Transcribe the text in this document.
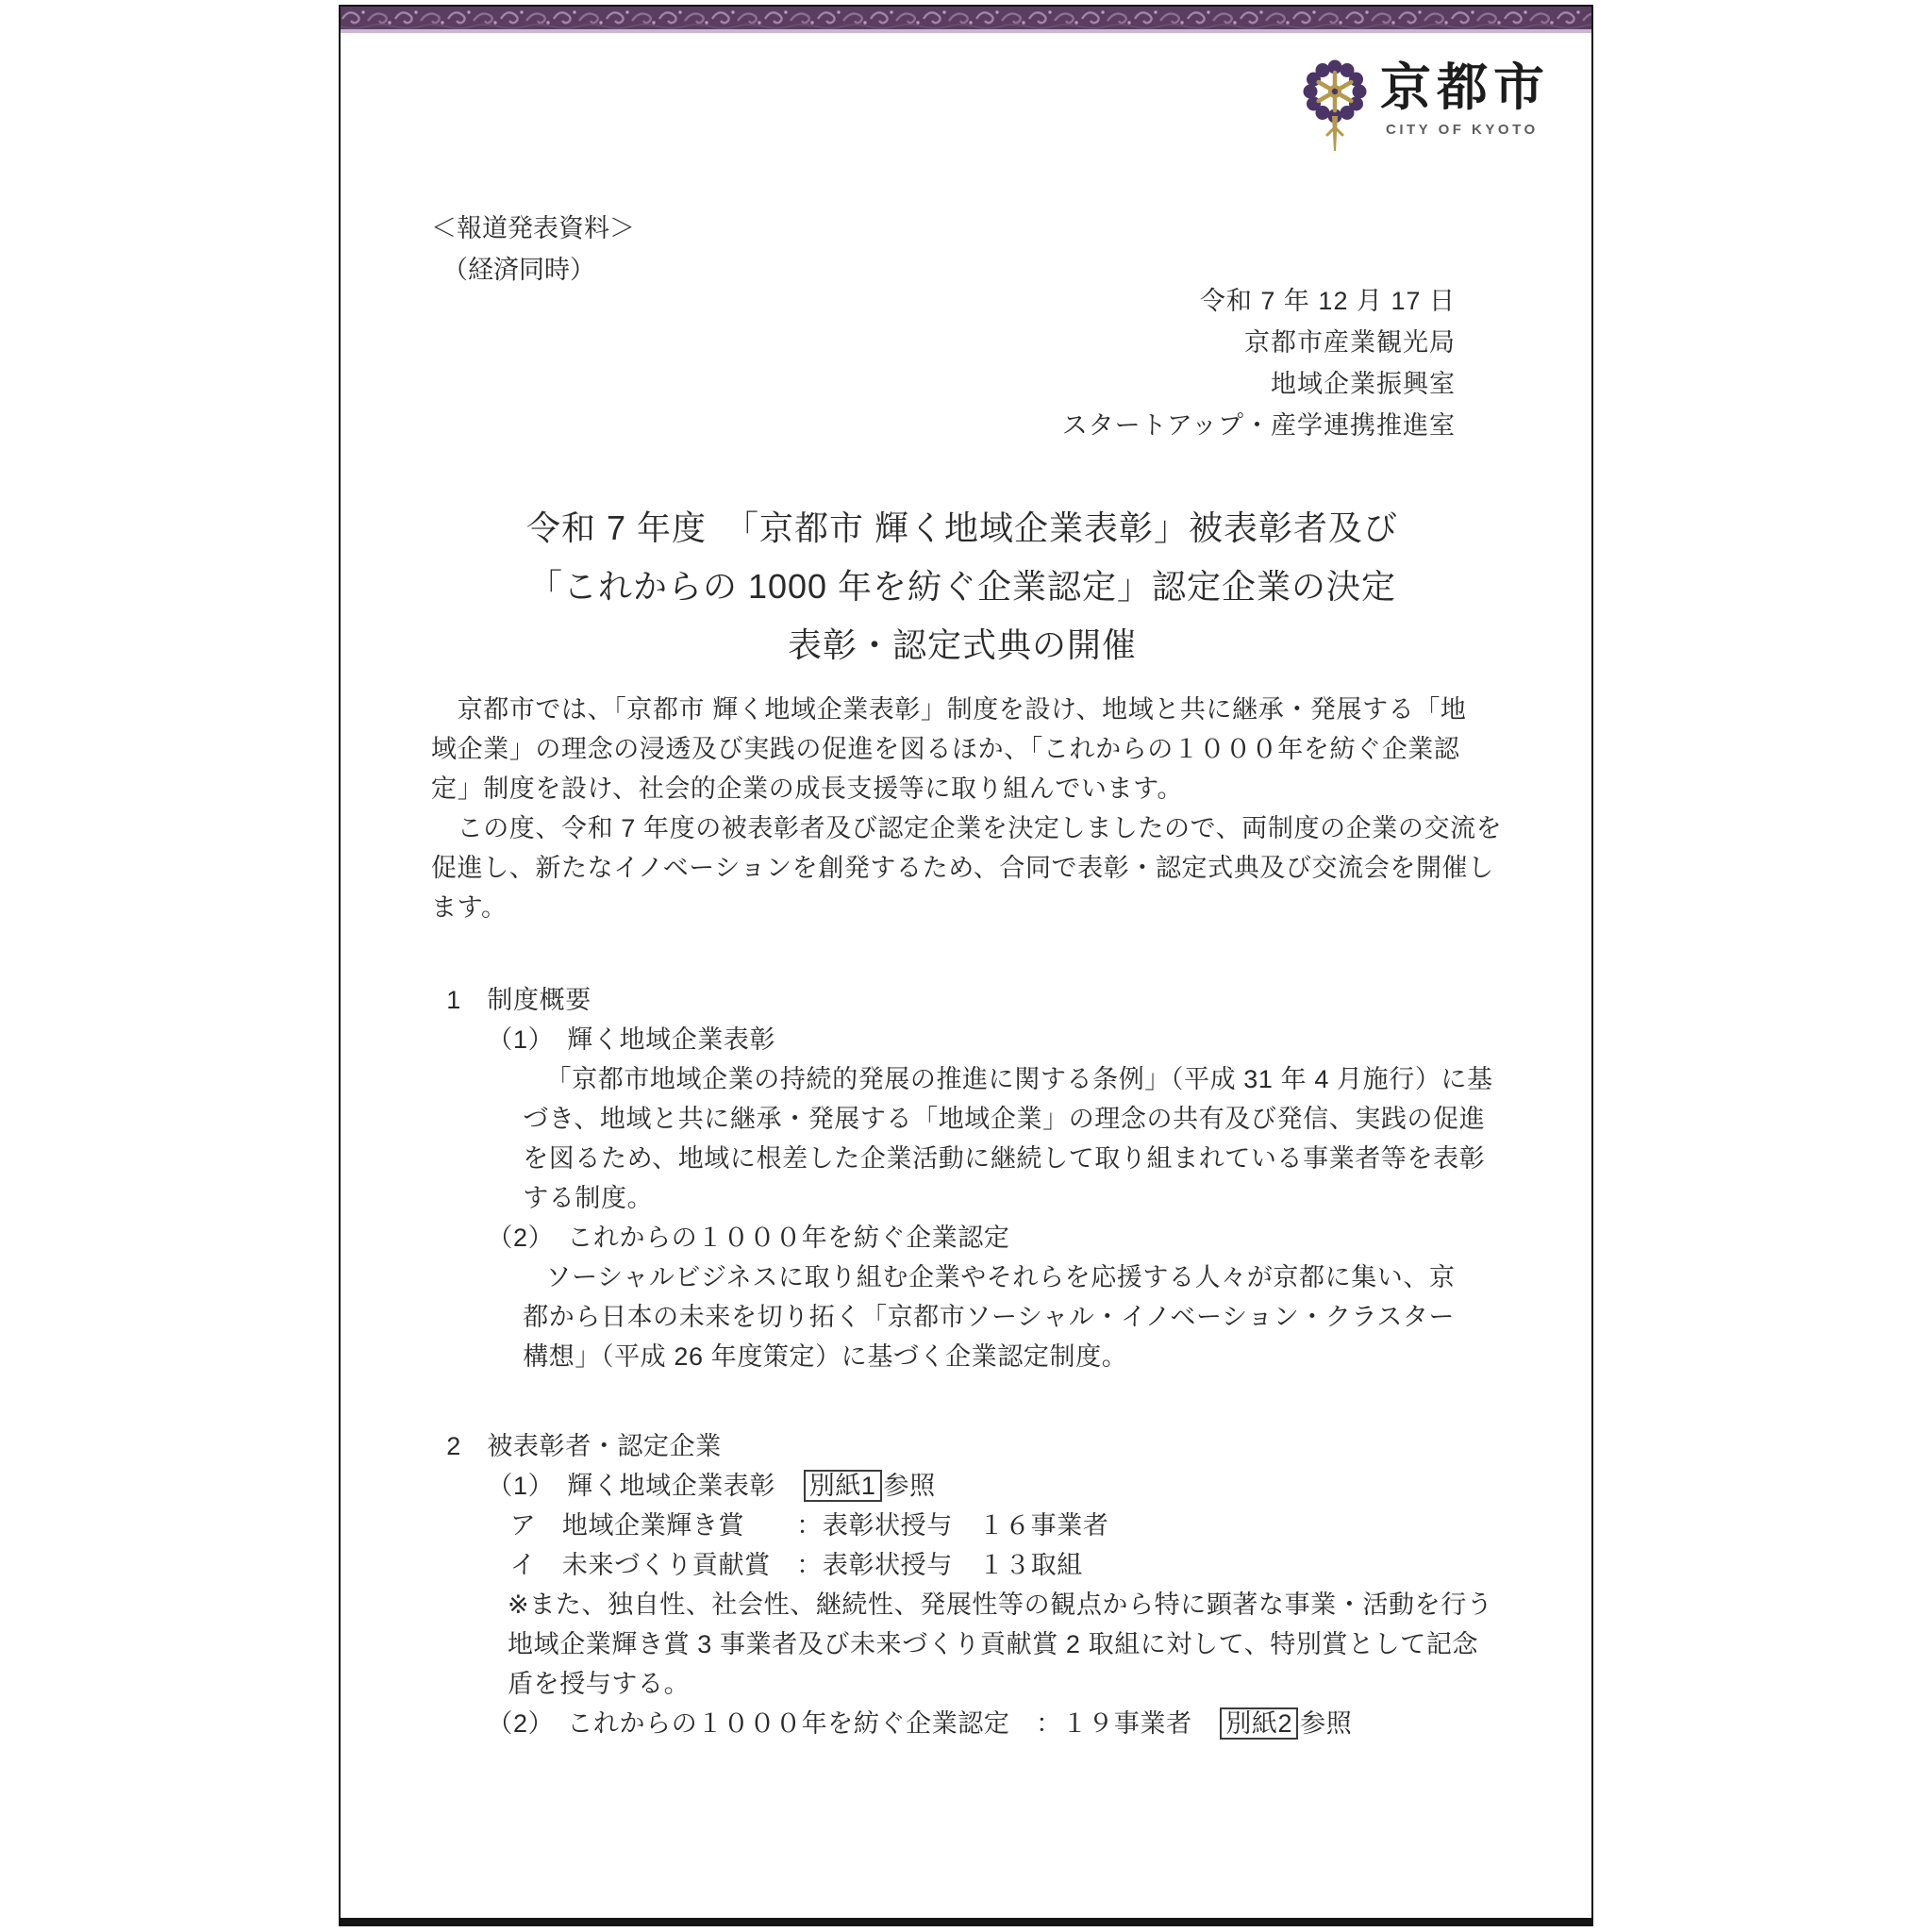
京都市
CITY OF KYOTO
＜報道発表資料＞
（経済同時）
令和 7 年 12 月 17 日
京都市産業観光局
地域企業振興室
スタートアップ・産学連携推進室
令和 7 年度　「京都市 輝く地域企業表彰」被表彰者及び
「これからの 1000 年を紡ぐ企業認定」認定企業の決定
表彰・認定式典の開催
　京都市では、「京都市 輝く地域企業表彰」制度を設け、地域と共に継承・発展する「地
域企業」の理念の浸透及び実践の促進を図るほか、「これからの１０００年を紡ぐ企業認
定」制度を設け、社会的企業の成長支援等に取り組んでいます。
　この度、令和 7 年度の被表彰者及び認定企業を決定しましたので、両制度の企業の交流を
促進し、新たなイノベーションを創発するため、合同で表彰・認定式典及び交流会を開催し
ます。
1　制度概要
（1）　輝く地域企業表彰
「京都市地域企業の持続的発展の推進に関する条例」（平成 31 年 4 月施行）に基
づき、地域と共に継承・発展する「地域企業」の理念の共有及び発信、実践の促進
を図るため、地域に根差した企業活動に継続して取り組まれている事業者等を表彰
する制度。
（2）　これからの１０００年を紡ぐ企業認定
ソーシャルビジネスに取り組む企業やそれらを応援する人々が京都に集い、京
都から日本の未来を切り拓く「京都市ソーシャル・イノベーション・クラスター
構想」（平成 26 年度策定）に基づく企業認定制度。
2　被表彰者・認定企業
（1）　輝く地域企業表彰　別紙1 参照
ア　地域企業輝き賞　　：表彰状授与　１６事業者
イ　未来づくり貢献賞　：表彰状授与　１３取組
※また、独自性、社会性、継続性、発展性等の観点から特に顕著な事業・活動を行う
地域企業輝き賞 3 事業者及び未来づくり貢献賞 2 取組に対して、特別賞として記念
盾を授与する。
（2）　これからの１０００年を紡ぐ企業認定　：１９事業者　別紙2 参照
